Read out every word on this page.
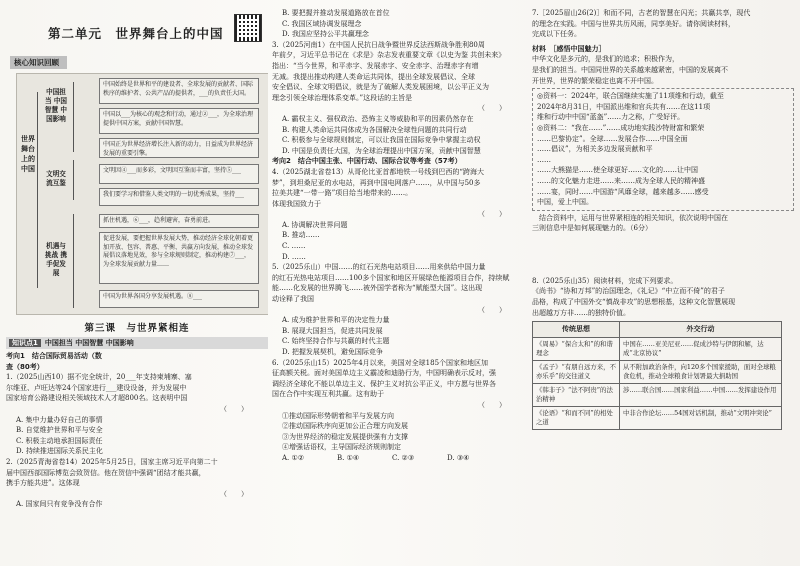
第二单元　世界舞台上的中国
核心知识回顾
世界舞台上的中国
中国担当 中国智慧 中国影响
文明交流互鉴
机遇与挑战 携手促发展
中国始终是世界和平的建设者、全球发展的贡献者、国际秩序的维护者、公共产品的提供者，___的负责任大国。
中国以___为核心的观念和行动，通过②___，为全球治理提供中国方案，贡献中国智慧。
中国正为世界经济增长注入新的动力，日益成为世界经济发展的重要引擎。
文明因④___而多彩，文明因互鉴而丰富，坚持⑤___
我们要学习和借鉴人类文明的一切优秀成果，坚持___
抓住机遇，⑥___，趋利避害，奋勇前进。
促进发展，要把握世界发展大势，推动经济全球化朝着更加开放、包容、普惠、平衡、共赢方向发展，推动全球发展倡议落地见效，参与全球规则制定，推动构建⑦___，为全球发展贡献力量……
中国为世界各国分享发展机遇。⑧___
第三课　与世界紧相连
知识点1 中国担当 中国智慧 中国影响

考向1　结合国际贸易活动（数

查（80考）

1.（2025山西10）据不完全统计，20___年支持柬埔寨、塞

尔维亚、卢旺达等24个国家进行___建设设备，并为发展中

国家培育公路建设相关领域技术人才超800名。这表明中国

（　　）

A. 集中力量办好自己的事情

B. 自觉维护世界和平与安全

C. 积极主动地承担国际责任

D. 持续推进国际关系民主化

2.（2025青海省卷14）2025年5月25日，国家主席习近平向第二十

届中国西部国际博览会致贺信。他在贺信中强调“团结才能共赢，

携手方能共进”。这体现

（　　）

A. 国家间只有竞争没有合作

B. 要把握并推动发展道路放在首位

C. 我国区域协调发展理念

D. 我国应坚持公平共赢理念

3.（2025河南1）在中国人民抗日战争暨世界反法西斯战争胜利80周

年前夕，习近平总书记在《求是》杂志发表重要文章《以史为鉴 共创未来》

指出：“当今世界，和平赤字、发展赤字、安全赤字、治理赤字有增

无减。我提出推动构建人类命运共同体，提出全球发展倡议、全球

安全倡议、全球文明倡议，就是为了破解人类发展困境，以公平正义为

理念引领全球治理体系变革。”这段话的主旨是

（　　）

A. 霸权主义、强权政治、恐怖主义等威胁和平的因素仍然存在

B. 构建人类命运共同体成为各国解决全球性问题的共同行动

C. 积极参与全球规则制定，可以让我国在国际竞争中掌握主动权

D. 中国是负责任大国，为全球治理提出中国方案，贡献中国智慧

考向2　结合中国主张、中国行动、国际合议等考查（57考）

4.（2025湖北省卷13）从哥伦比亚首都地铁一号线到巴西的“跨海大

梦”，到坦桑尼亚的水电站，再到中国电网落户……，从中国与50多

拉美共建“一带一路”项目给当地带来的……。

体现我国致力于

（　　）

A. 协调解决世界问题

B. 推动……

C. ……

D. ……

5.（2025乐山）中国……的红石光热电站项目……用来供给中国力量

的红石光热电站项目……100多个国家和地区开展绿色能源项目合作，持续赋

能……化发展的世界腾飞……被外国学者称为“赋能型大国”。这出现

动诠释了我国

（　　）

A. 成为维护世界和平的决定性力量

B. 展现大国担当，促进共同发展

C. 始终坚持合作与共赢的时代主题

D. 把握发展契机，避免国际竞争

6.（2025乐山15）2025年4月以来，美国对全球185个国家和地区加

征高额关税。面对美国单边主义霸凌和迪胁行为，中国明确表示反对，强

调经济全球化不能以单边主义、保护主义对抗公平正义，中方愿与世界各

国在合作中实现互利共赢。这有助于

（　　）

①推动国际形势朝着和平与发展方向

②推动国际秩序向更加公正合理方向发展

③为世界经济的稳定发展提供强有力支撑

④增强话语权，主导国际经济规则制定

A. ①②	B. ①④	C. ②③	D. ③④

7.［2025眉山26(2)］和而不同，古老的智慧在闪光；共赢共享，现代

的理念在实践。中国与世界共历风雨，同享美好。请你阅读材料，

完成以下任务。

材料　［感悟中国魅力］

中华文化是多元的，是我们的追求；积极作为，

是我们的担当。中国同世界的关系越来越紧密，中国的发展离不

开世界，世界的繁荣稳定也离不开中国。

◎资料一：2024年，联合国继续实施了11项维和行动，截至

2024年8月31日，中国派出维和官兵共有……在这11项

维和行动中中国“蓝盔”……力之称，广受好评。

◎资料二：“我在……”……成功地实践沙特财富和繁荣

……巴黎协定”。全球……发展合作……中国全面

……倡议”，为相关多边发展贡献和平

……

……大熊猫是……使全球更好……文化的……让中国

……的文化魅力走进……来……成为全球人民的精神盛

……宴，同时……中国游“风靡全球，越来越多……感受

中国，爱上中国。

　结合资料中，运用与世界紧相连的相关知识，依次说明中国在

三则信息中是如何展现魅力的。（6分）

8.（2025乐山35）阅读材料，完成下列要求。

《尚书》“协和万邦”的治国理念，《礼记》“中立而不倚”的君子

品格，构成了中国外交“慎战非攻”的思想根基，这种文化智慧展现

出超越万方非……的独特价值。

传统思想	外交行动
《周易》“保合太和”的和谐理念	中国在……亚美尼亚……促成沙特与伊朗和解，达成“北京协议”
《孟子》“有朋自远方来，不亦乐乎”的交往道义	从不附加政治条件，向120多个国家援助，面对全球粮食危机，推动全球粮食计划署最大捐助国
《韩非子》“法不阿贵”的法治精神	涉……联合国……国家利益……中国……发挥建设作用
《论语》“和而不同”的相处之道	中非合作论坛……54国对话机制，推动“文明冲突论”
